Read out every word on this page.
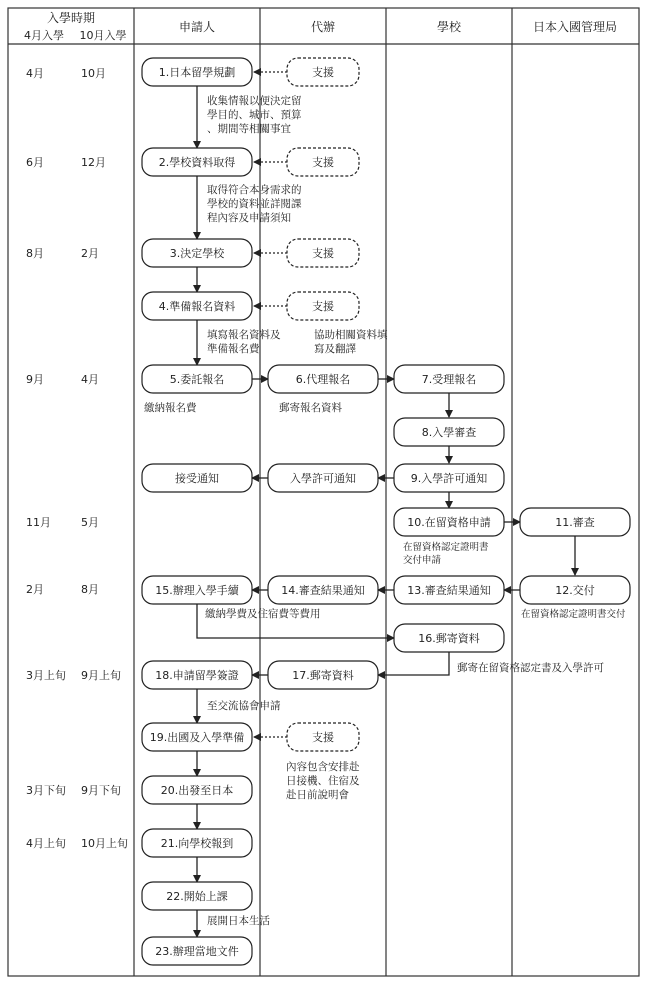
入學時期
4月入學 10月入學
申請人	代辦	學校	日本入國管理局
4月	10月
6月	12月
8月	2月
9月	4月
11月	5月
2月	8月
3月上旬 9月上旬
3月下旬 9月下旬
4月上旬 10月上旬
1.日本留學規劃
2.學校資料取得
3.決定學校
4.準備報名資料
5.委託報名
接受通知
15.辦理入學手續
18.申請留學簽證
19.出國及入學準備
20.出發至日本
21.向學校報到
22.開始上課
23.辦理當地文件
支援
支援
支援
支援
支援
6.代理報名
入學許可通知
14.審查結果通知
17.郵寄資料
7.受理報名
8.入學審查
9.入學許可通知
10.在留資格申請
13.審查結果通知
16.郵寄資料
11.審查
12.交付
收集情報以便決定留
學目的、城市、預算
、期間等相關事宜
取得符合本身需求的
學校的資料並詳閱課
程內容及申請須知
填寫報名資料及
準備報名費
協助相關資料填
寫及翻譯
繳納報名費	郵寄報名資料
在留資格認定證明書
交付申請
在留資格認定證明書交付
繳納學費及住宿費等費用
郵寄在留資格認定書及入學許可
至交流協會申請
內容包含安排赴
日接機、住宿及
赴日前說明會
展開日本生活
